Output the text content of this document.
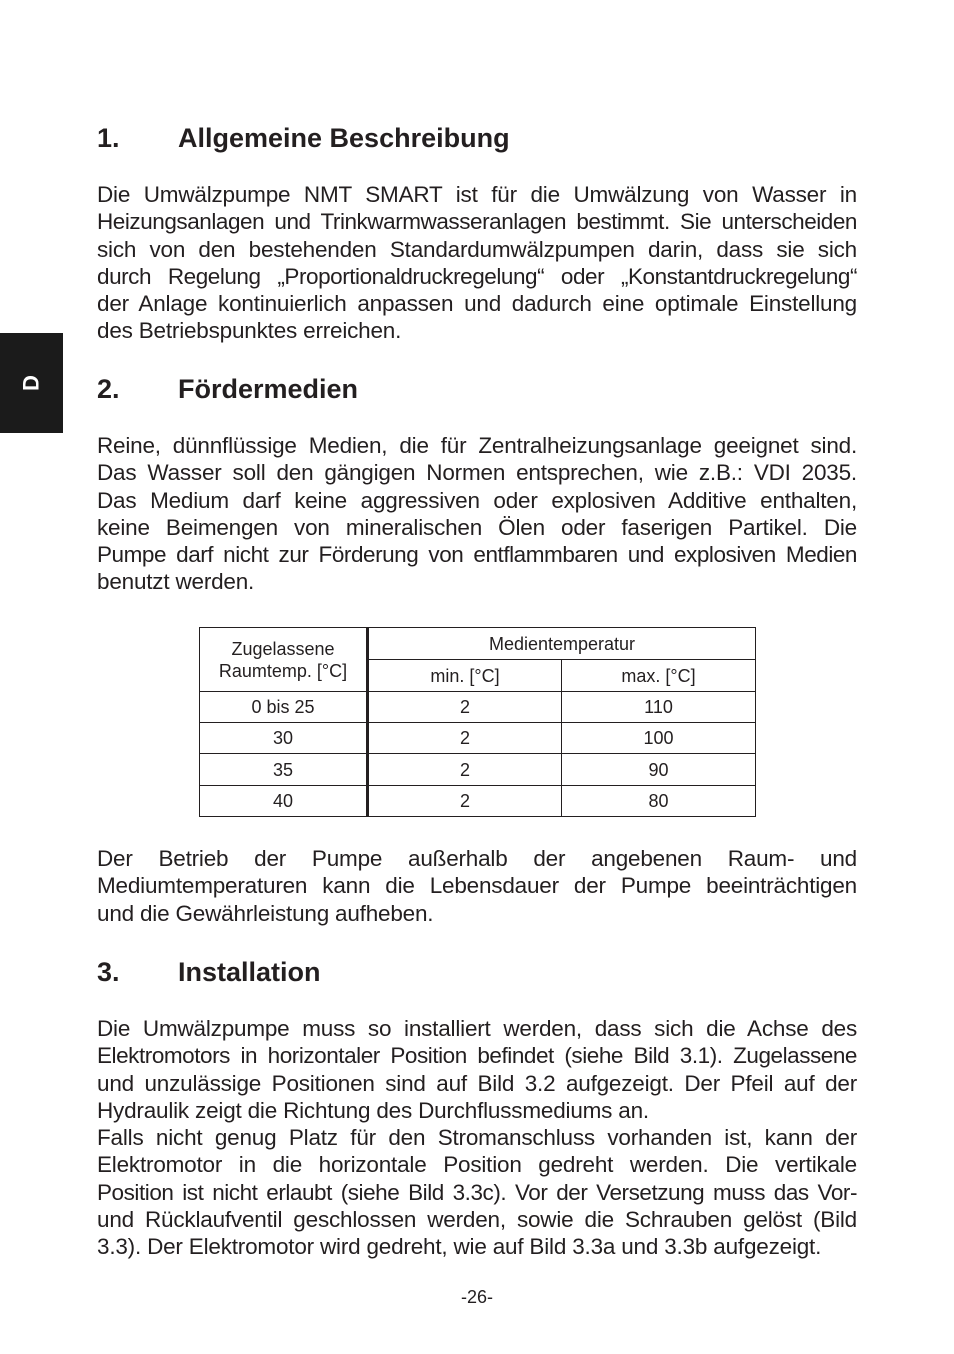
D
1. Allgemeine Beschreibung
Die Umwälzpumpe NMT SMART ist für die Umwälzung von Wasser in
Heizungsanlagen und Trinkwarmwasseranlagen bestimmt. Sie unterscheiden
sich von den bestehenden Standardumwälzpumpen darin, dass sie sich
durch Regelung „Proportionaldruckregelung“ oder „Konstantdruckregelung“
der Anlage kontinuierlich anpassen und dadurch eine optimale Einstellung
des Betriebspunktes erreichen.
2. Fördermedien
Reine, dünnflüssige Medien, die für Zentralheizungsanlage geeignet sind.
Das Wasser soll den gängigen Normen entsprechen, wie z.B.: VDI 2035.
Das Medium darf keine aggressiven oder explosiven Additive enthalten,
keine Beimengen von mineralischen Ölen oder faserigen Partikel. Die
Pumpe darf nicht zur Förderung von entflammbaren und explosiven Medien
benutzt werden.
Zugelassene
Raumtemp. [°C]	Medientemperatur	
	min. [°C]	max. [°C]
0 bis 25	2	110
30	2	100
35	2	90
40	2	80
Der Betrieb der Pumpe außerhalb der angebenen Raum- und
Mediumtemperaturen kann die Lebensdauer der Pumpe beeinträchtigen
und die Gewährleistung aufheben.
3. Installation
Die Umwälzpumpe muss so installiert werden, dass sich die Achse des
Elektromotors in horizontaler Position befindet (siehe Bild 3.1). Zugelassene
und unzulässige Positionen sind auf Bild 3.2 aufgezeigt. Der Pfeil auf der
Hydraulik zeigt die Richtung des Durchflussmediums an.
Falls nicht genug Platz für den Stromanschluss vorhanden ist, kann der
Elektromotor in die horizontale Position gedreht werden. Die vertikale
Position ist nicht erlaubt (siehe Bild 3.3c). Vor der Versetzung muss das Vor-
und Rücklaufventil geschlossen werden, sowie die Schrauben gelöst (Bild
3.3). Der Elektromotor wird gedreht, wie auf Bild 3.3a und 3.3b aufgezeigt.
-26-
